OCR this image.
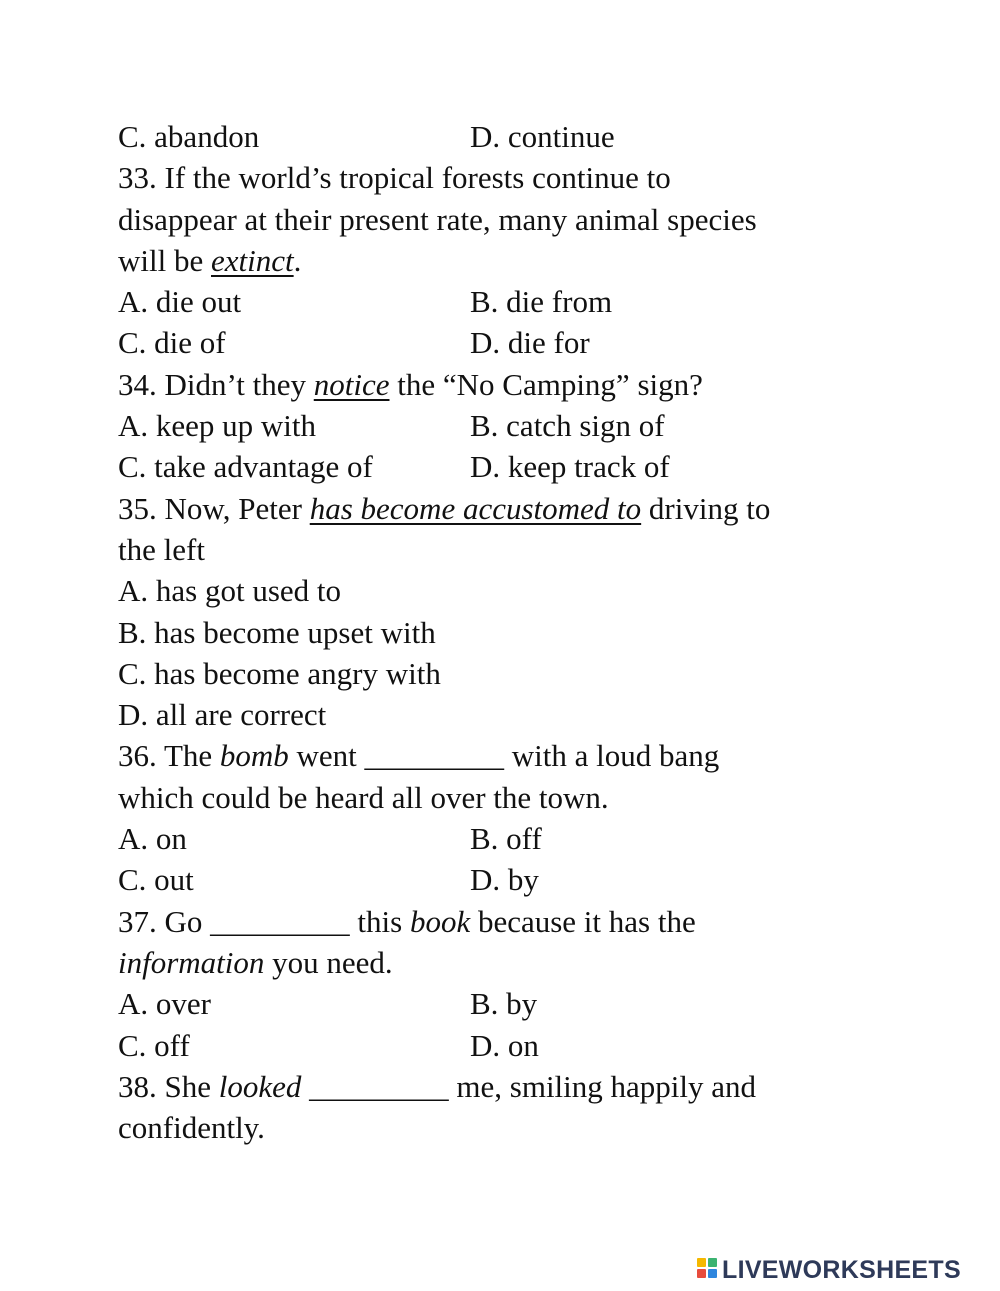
C. abandon	D. continue
33. If the world’s tropical forests continue to
disappear at their present rate, many animal species
will be extinct.
A. die out	B. die from
C. die of	D. die for
34. Didn’t they notice the “No Camping” sign?
A. keep up with	B. catch sign of
C. take advantage of	D. keep track of
35. Now, Peter has become accustomed to driving to
the left
A. has got used to
B. has become upset with
C. has become angry with
D. all are correct
36. The bomb went _________ with a loud bang
which could be heard all over the town.
A. on	B. off
C. out	D. by
37. Go _________ this book because it has the
information you need.
A. over	B. by
C. off	D. on
38. She looked _________ me, smiling happily and
confidently.
LIVEWORKSHEETS
